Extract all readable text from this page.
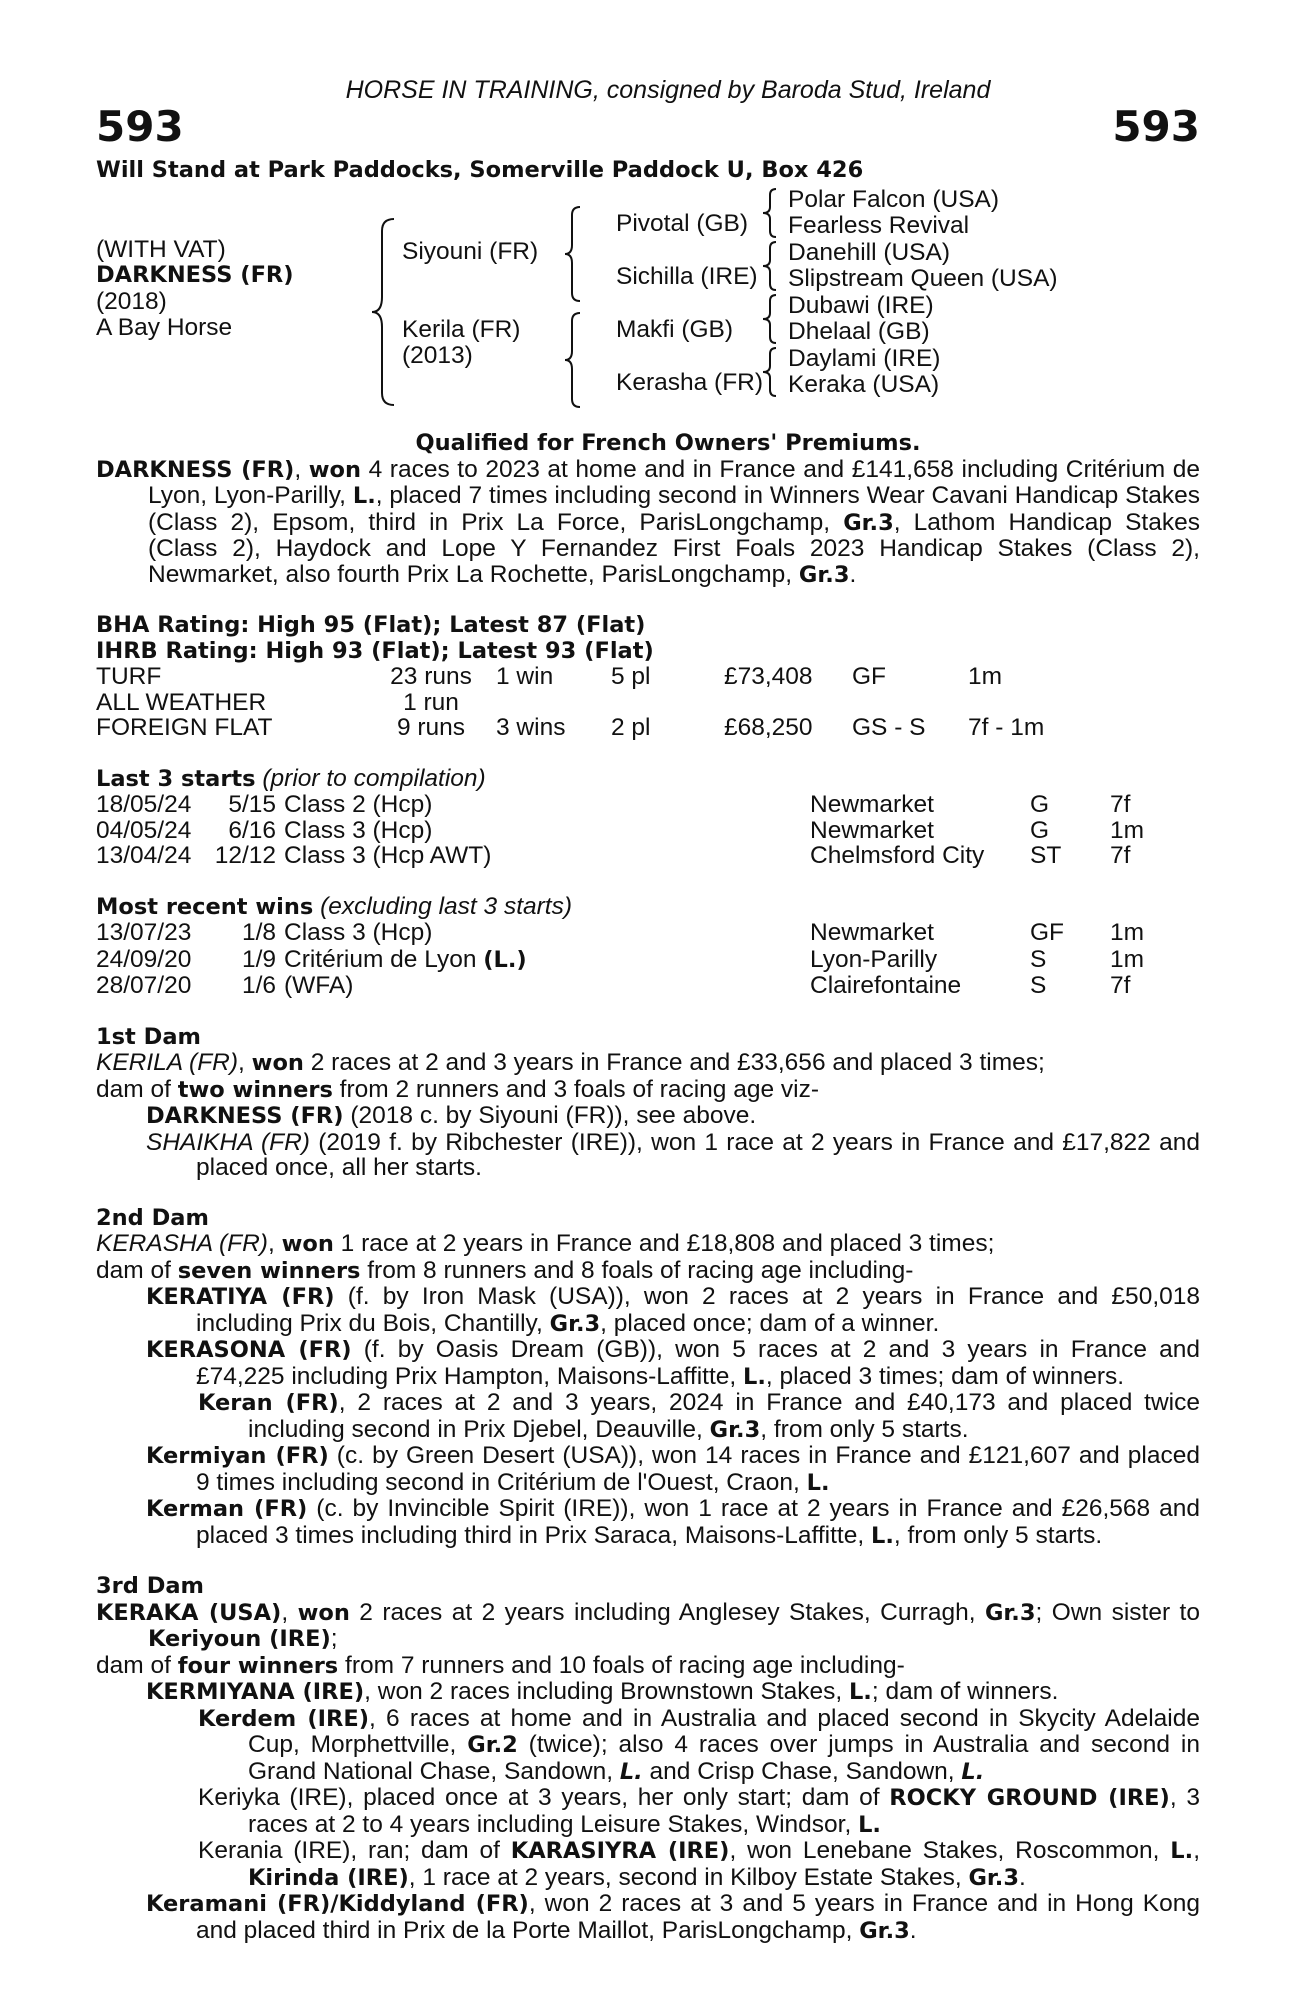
HORSE IN TRAINING, consigned by Baroda Stud, Ireland
593	593
Will Stand at Park Paddocks, Somerville Paddock U, Box 426
(WITH VAT)
DARKNESS (FR)
(2018)
A Bay Horse
Siyouni (FR)
Kerila (FR)
(2013)
Pivotal (GB)
Sichilla (IRE)
Makfi (GB)
Kerasha (FR)
Polar Falcon (USA)
Fearless Revival
Danehill (USA)
Slipstream Queen (USA)
Dubawi (IRE)
Dhelaal (GB)
Daylami (IRE)
Keraka (USA)
Qualified for French Owners' Premiums.
DARKNESS (FR), won 4 races to 2023 at home and in France and £141,658 including Critérium de Lyon, Lyon-Parilly, L., placed 7 times including second in Winners Wear Cavani Handicap Stakes (Class 2), Epsom, third in Prix La Force, ParisLongchamp, Gr.3, Lathom Handicap Stakes (Class 2), Haydock and Lope Y Fernandez First Foals 2023 Handicap Stakes (Class 2), Newmarket, also fourth Prix La Rochette, ParisLongchamp, Gr.3.
BHA Rating: High 95 (Flat); Latest 87 (Flat)
IHRB Rating: High 93 (Flat); Latest 93 (Flat)
TURF	23 runs	1 win	5 pl	£73,408	GF	1m
ALL WEATHER	1 run					
FOREIGN FLAT	9 runs	3 wins	2 pl	£68,250	GS - S	7f - 1m
Last 3 starts (prior to compilation)
18/05/24	5/15 Class 2 (Hcp)	Newmarket	G	7f
04/05/24	6/16 Class 3 (Hcp)	Newmarket	G	1m
13/04/24 12/12 Class 3 (Hcp AWT)	Chelmsford City	ST	7f
Most recent wins (excluding last 3 starts)
13/07/23	1/8 Class 3 (Hcp)	Newmarket	GF	1m
24/09/20	1/9 Critérium de Lyon (L.)	Lyon-Parilly	S	1m
28/07/20	1/6 (WFA)	Clairefontaine	S	7f
1st Dam
KERILA (FR), won 2 races at 2 and 3 years in France and £33,656 and placed 3 times;
dam of two winners from 2 runners and 3 foals of racing age viz-
DARKNESS (FR) (2018 c. by Siyouni (FR)), see above.
SHAIKHA (FR) (2019 f. by Ribchester (IRE)), won 1 race at 2 years in France and £17,822 and placed once, all her starts.
2nd Dam
KERASHA (FR), won 1 race at 2 years in France and £18,808 and placed 3 times;
dam of seven winners from 8 runners and 8 foals of racing age including-
KERATIYA (FR) (f. by Iron Mask (USA)), won 2 races at 2 years in France and £50,018 including Prix du Bois, Chantilly, Gr.3, placed once; dam of a winner.
KERASONA (FR) (f. by Oasis Dream (GB)), won 5 races at 2 and 3 years in France and £74,225 including Prix Hampton, Maisons-Laffitte, L., placed 3 times; dam of winners.
Keran (FR), 2 races at 2 and 3 years, 2024 in France and £40,173 and placed twice including second in Prix Djebel, Deauville, Gr.3, from only 5 starts.
Kermiyan (FR) (c. by Green Desert (USA)), won 14 races in France and £121,607 and placed 9 times including second in Critérium de l'Ouest, Craon, L.
Kerman (FR) (c. by Invincible Spirit (IRE)), won 1 race at 2 years in France and £26,568 and placed 3 times including third in Prix Saraca, Maisons-Laffitte, L., from only 5 starts.
3rd Dam
KERAKA (USA), won 2 races at 2 years including Anglesey Stakes, Curragh, Gr.3; Own sister to Keriyoun (IRE);
dam of four winners from 7 runners and 10 foals of racing age including-
KERMIYANA (IRE), won 2 races including Brownstown Stakes, L.; dam of winners.
Kerdem (IRE), 6 races at home and in Australia and placed second in Skycity Adelaide Cup, Morphettville, Gr.2 (twice); also 4 races over jumps in Australia and second in Grand National Chase, Sandown, L. and Crisp Chase, Sandown, L.
Keriyka (IRE), placed once at 3 years, her only start; dam of ROCKY GROUND (IRE), 3 races at 2 to 4 years including Leisure Stakes, Windsor, L.
Kerania (IRE), ran; dam of KARASIYRA (IRE), won Lenebane Stakes, Roscommon, L., Kirinda (IRE), 1 race at 2 years, second in Kilboy Estate Stakes, Gr.3.
Keramani (FR)/Kiddyland (FR), won 2 races at 3 and 5 years in France and in Hong Kong and placed third in Prix de la Porte Maillot, ParisLongchamp, Gr.3.
